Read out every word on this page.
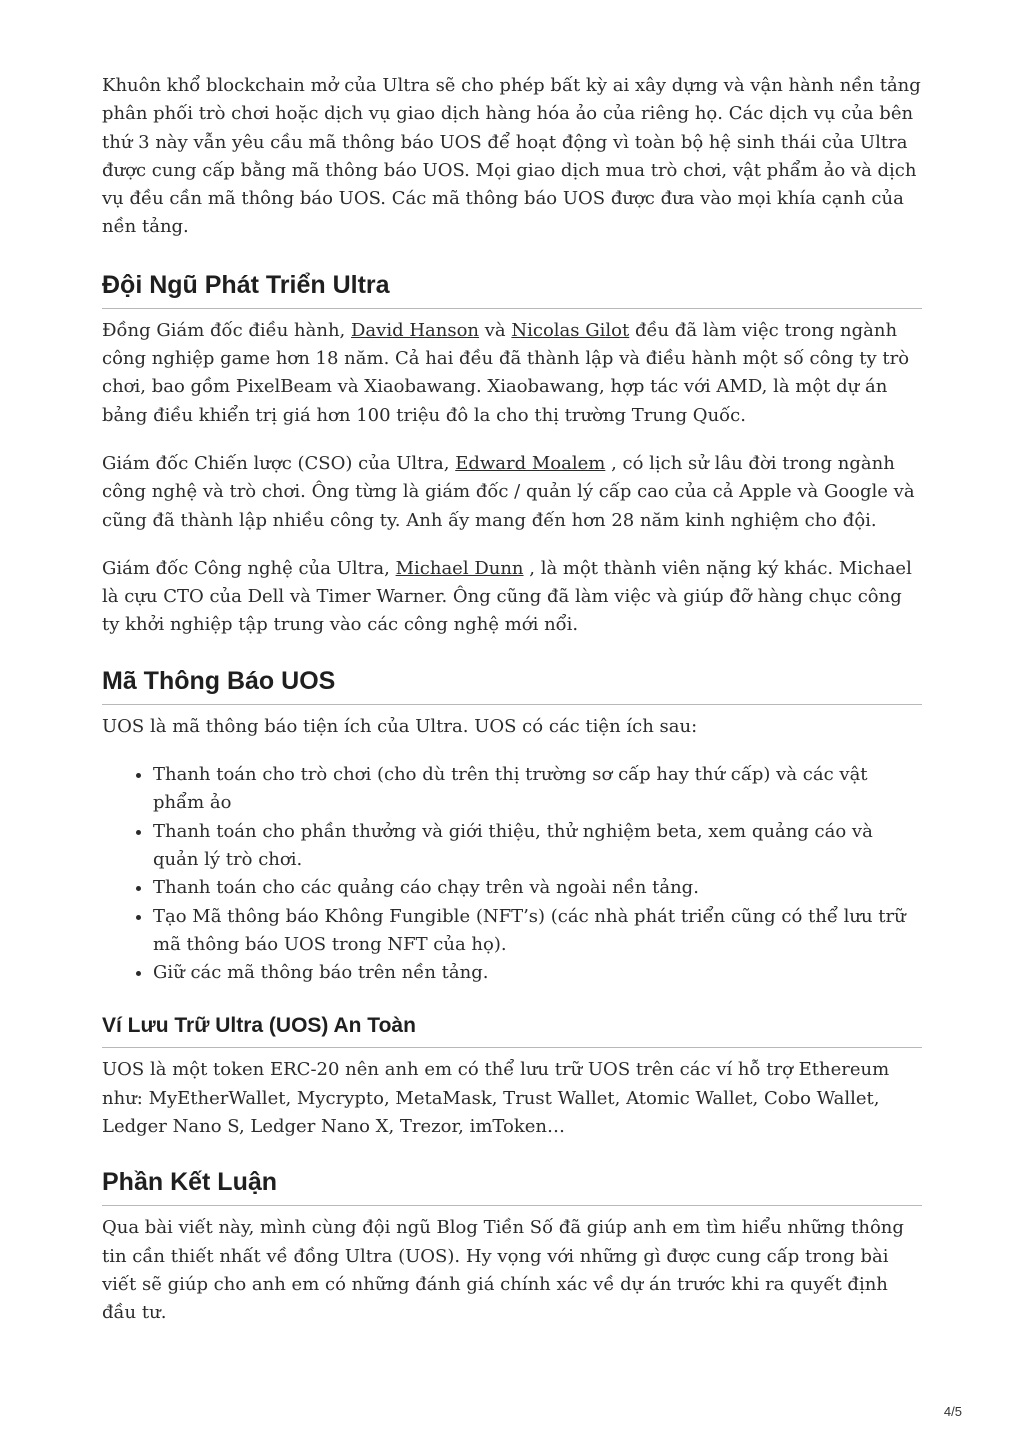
Khuôn khổ blockchain mở của Ultra sẽ cho phép bất kỳ ai xây dựng và vận hành nền tảng phân phối trò chơi hoặc dịch vụ giao dịch hàng hóa ảo của riêng họ. Các dịch vụ của bên thứ 3 này vẫn yêu cầu mã thông báo UOS để hoạt động vì toàn bộ hệ sinh thái của Ultra được cung cấp bằng mã thông báo UOS. Mọi giao dịch mua trò chơi, vật phẩm ảo và dịch vụ đều cần mã thông báo UOS. Các mã thông báo UOS được đưa vào mọi khía cạnh của nền tảng.

Đội Ngũ Phát Triển Ultra

Đồng Giám đốc điều hành, David Hanson và Nicolas Gilot đều đã làm việc trong ngành công nghiệp game hơn 18 năm. Cả hai đều đã thành lập và điều hành một số công ty trò chơi, bao gồm PixelBeam và Xiaobawang. Xiaobawang, hợp tác với AMD, là một dự án bảng điều khiển trị giá hơn 100 triệu đô la cho thị trường Trung Quốc.

Giám đốc Chiến lược (CSO) của Ultra, Edward Moalem , có lịch sử lâu đời trong ngành công nghệ và trò chơi. Ông từng là giám đốc / quản lý cấp cao của cả Apple và Google và cũng đã thành lập nhiều công ty. Anh ấy mang đến hơn 28 năm kinh nghiệm cho đội.

Giám đốc Công nghệ của Ultra, Michael Dunn , là một thành viên nặng ký khác. Michael là cựu CTO của Dell và Timer Warner. Ông cũng đã làm việc và giúp đỡ hàng chục công ty khởi nghiệp tập trung vào các công nghệ mới nổi.

Mã Thông Báo UOS

UOS là mã thông báo tiện ích của Ultra. UOS có các tiện ích sau:

• Thanh toán cho trò chơi (cho dù trên thị trường sơ cấp hay thứ cấp) và các vật phẩm ảo
• Thanh toán cho phần thưởng và giới thiệu, thử nghiệm beta, xem quảng cáo và quản lý trò chơi.
• Thanh toán cho các quảng cáo chạy trên và ngoài nền tảng.
• Tạo Mã thông báo Không Fungible (NFT’s) (các nhà phát triển cũng có thể lưu trữ mã thông báo UOS trong NFT của họ).
• Giữ các mã thông báo trên nền tảng.
Ví Lưu Trữ Ultra (UOS) An Toàn

UOS là một token ERC-20 nên anh em có thể lưu trữ UOS trên các ví hỗ trợ Ethereum như: MyEtherWallet, Mycrypto, MetaMask, Trust Wallet, Atomic Wallet, Cobo Wallet, Ledger Nano S, Ledger Nano X, Trezor, imToken…

Phần Kết Luận

Qua bài viết này, mình cùng đội ngũ Blog Tiền Số đã giúp anh em tìm hiểu những thông tin cần thiết nhất về đồng Ultra (UOS). Hy vọng với những gì được cung cấp trong bài viết sẽ giúp cho anh em có những đánh giá chính xác về dự án trước khi ra quyết định đầu tư.

4/5
